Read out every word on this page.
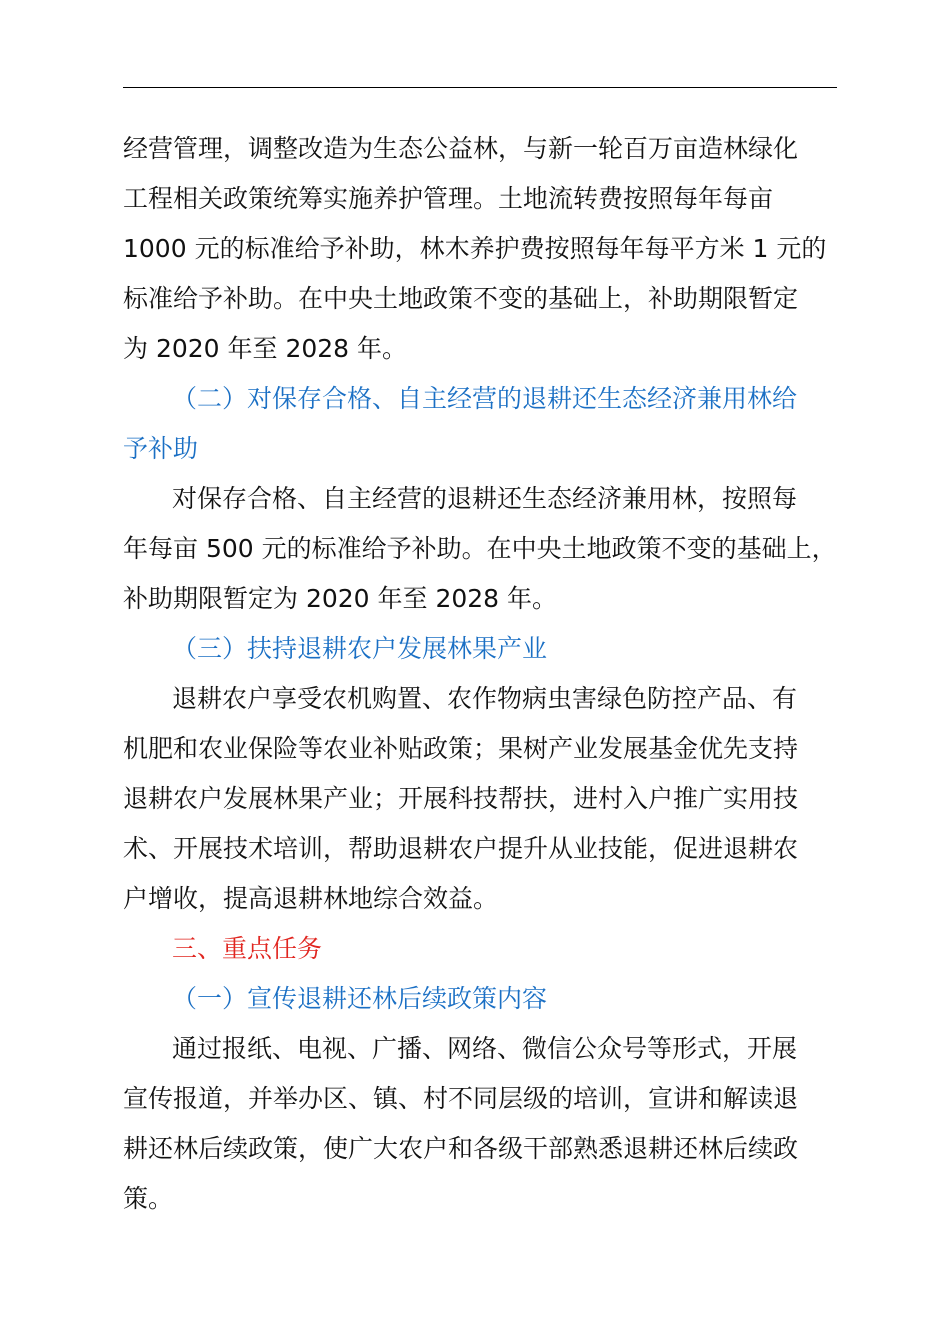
经营管理，调整改造为生态公益林，与新一轮百万亩造林绿化

工程相关政策统筹实施养护管理。土地流转费按照每年每亩

1000 元的标准给予补助，林木养护费按照每年每平方米 1 元的

标准给予补助。在中央土地政策不变的基础上，补助期限暂定

为 2020 年至 2028 年。

（二）对保存合格、自主经营的退耕还生态经济兼用林给

予补助

对保存合格、自主经营的退耕还生态经济兼用林，按照每

年每亩 500 元的标准给予补助。在中央土地政策不变的基础上，

补助期限暂定为 2020 年至 2028 年。

（三）扶持退耕农户发展林果产业

退耕农户享受农机购置、农作物病虫害绿色防控产品、有

机肥和农业保险等农业补贴政策；果树产业发展基金优先支持

退耕农户发展林果产业；开展科技帮扶，进村入户推广实用技

术、开展技术培训，帮助退耕农户提升从业技能，促进退耕农

户增收，提高退耕林地综合效益。

三、重点任务

（一）宣传退耕还林后续政策内容

通过报纸、电视、广播、网络、微信公众号等形式，开展

宣传报道，并举办区、镇、村不同层级的培训，宣讲和解读退

耕还林后续政策，使广大农户和各级干部熟悉退耕还林后续政

策。
